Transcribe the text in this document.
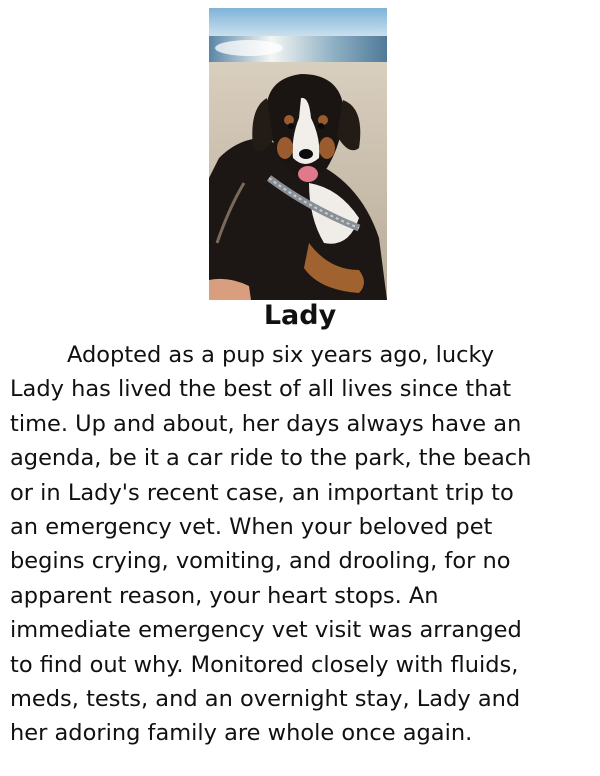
Lady

Adopted as a pup six years ago, lucky
Lady has lived the best of all lives since that
time. Up and about, her days always have an
agenda, be it a car ride to the park, the beach
or in Lady's recent case, an important trip to
an emergency vet. When your beloved pet
begins crying, vomiting, and drooling, for no
apparent reason, your heart stops. An
immediate emergency vet visit was arranged
to find out why. Monitored closely with fluids,
meds, tests, and an overnight stay, Lady and
her adoring family are whole once again.
